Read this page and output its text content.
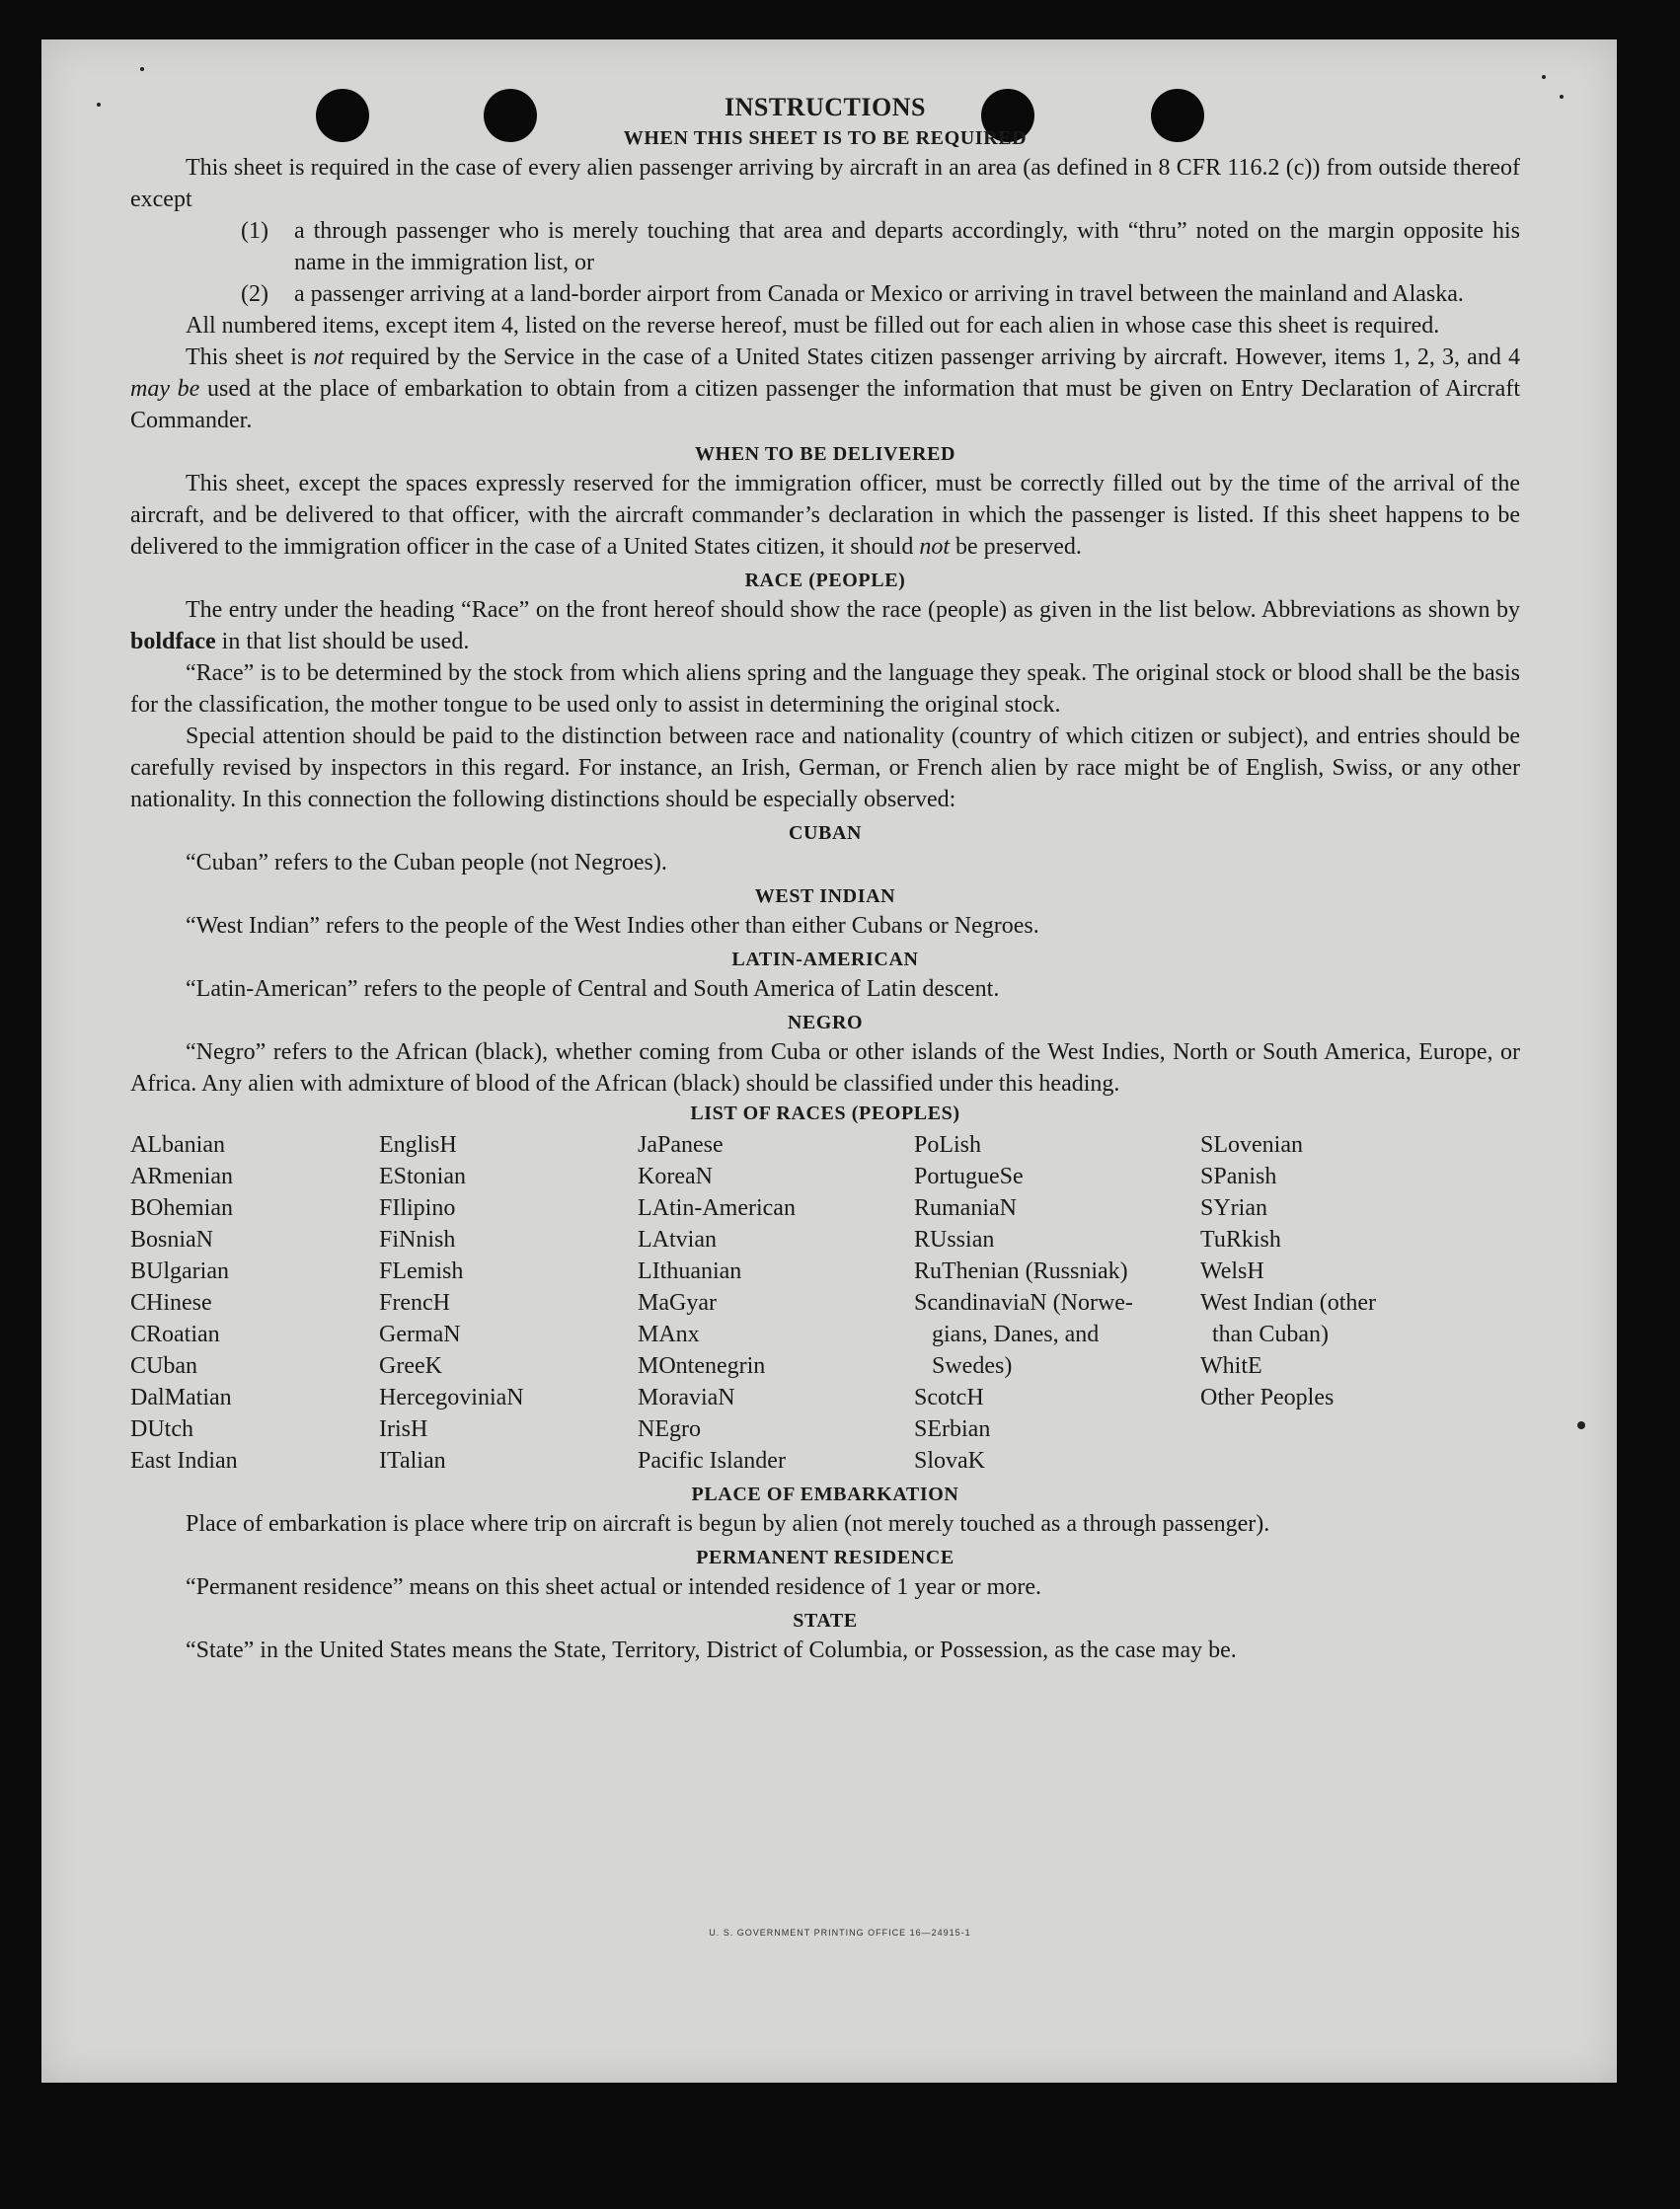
INSTRUCTIONS
WHEN THIS SHEET IS TO BE REQUIRED

This sheet is required in the case of every alien passenger arriving by aircraft in an area (as defined in 8 CFR 116.2 (c)) from outside thereof except

(1)	a through passenger who is merely touching that area and departs accordingly, with “thru” noted on the margin opposite his name in the immigration list, or
(2)	a passenger arriving at a land-border airport from Canada or Mexico or arriving in travel between the mainland and Alaska.

All numbered items, except item 4, listed on the reverse hereof, must be filled out for each alien in whose case this sheet is required.

This sheet is not required by the Service in the case of a United States citizen passenger arriving by aircraft. However, items 1, 2, 3, and 4 may be used at the place of embarkation to obtain from a citizen passenger the information that must be given on Entry Declaration of Aircraft Commander.

WHEN TO BE DELIVERED

This sheet, except the spaces expressly reserved for the immigration officer, must be correctly filled out by the time of the arrival of the aircraft, and be delivered to that officer, with the aircraft commander’s declaration in which the passenger is listed. If this sheet happens to be delivered to the immigration officer in the case of a United States citizen, it should not be preserved.

RACE (PEOPLE)

The entry under the heading “Race” on the front hereof should show the race (people) as given in the list below. Abbreviations as shown by boldface in that list should be used.

“Race” is to be determined by the stock from which aliens spring and the language they speak. The original stock or blood shall be the basis for the classification, the mother tongue to be used only to assist in determining the original stock.

Special attention should be paid to the distinction between race and nationality (country of which citizen or subject), and entries should be carefully revised by inspectors in this regard. For instance, an Irish, German, or French alien by race might be of English, Swiss, or any other nationality. In this connection the following distinctions should be especially observed:

CUBAN

“Cuban” refers to the Cuban people (not Negroes).

WEST INDIAN

“West Indian” refers to the people of the West Indies other than either Cubans or Negroes.

LATIN-AMERICAN

“Latin-American” refers to the people of Central and South America of Latin descent.

NEGRO

“Negro” refers to the African (black), whether coming from Cuba or other islands of the West Indies, North or South America, Europe, or Africa. Any alien with admixture of blood of the African (black) should be classified under this heading.

LIST OF RACES (PEOPLES)
ALbanian
ARmenian
BOhemian
BosniaN
BUlgarian
CHinese
CRoatian
CUban
DalMatian
DUtch
East Indian
EnglisH
EStonian
FIlipino
FiNnish
FLemish
FrencH
GermaN
GreeK
HercegoviniaN
IrisH
ITalian
JaPanese
KoreaN
LAtin-American
LAtvian
LIthuanian
MaGyar
MAnx
MOntenegrin
MoraviaN
NEgro
Pacific Islander
PoLish
PortugueSe
RumaniaN
RUssian
RuThenian (Russniak)
ScandinaviaN (Norwe-
gians, Danes, and
Swedes)
ScotcH
SErbian
SlovaK
SLovenian
SPanish
SYrian
TuRkish
WelsH
West Indian (other
than Cuban)
WhitE
Other Peoples
PLACE OF EMBARKATION

Place of embarkation is place where trip on aircraft is begun by alien (not merely touched as a through passenger).

PERMANENT RESIDENCE

“Permanent residence” means on this sheet actual or intended residence of 1 year or more.

STATE

“State” in the United States means the State, Territory, District of Columbia, or Possession, as the case may be.

U. S. GOVERNMENT PRINTING OFFICE 16—24915-1
